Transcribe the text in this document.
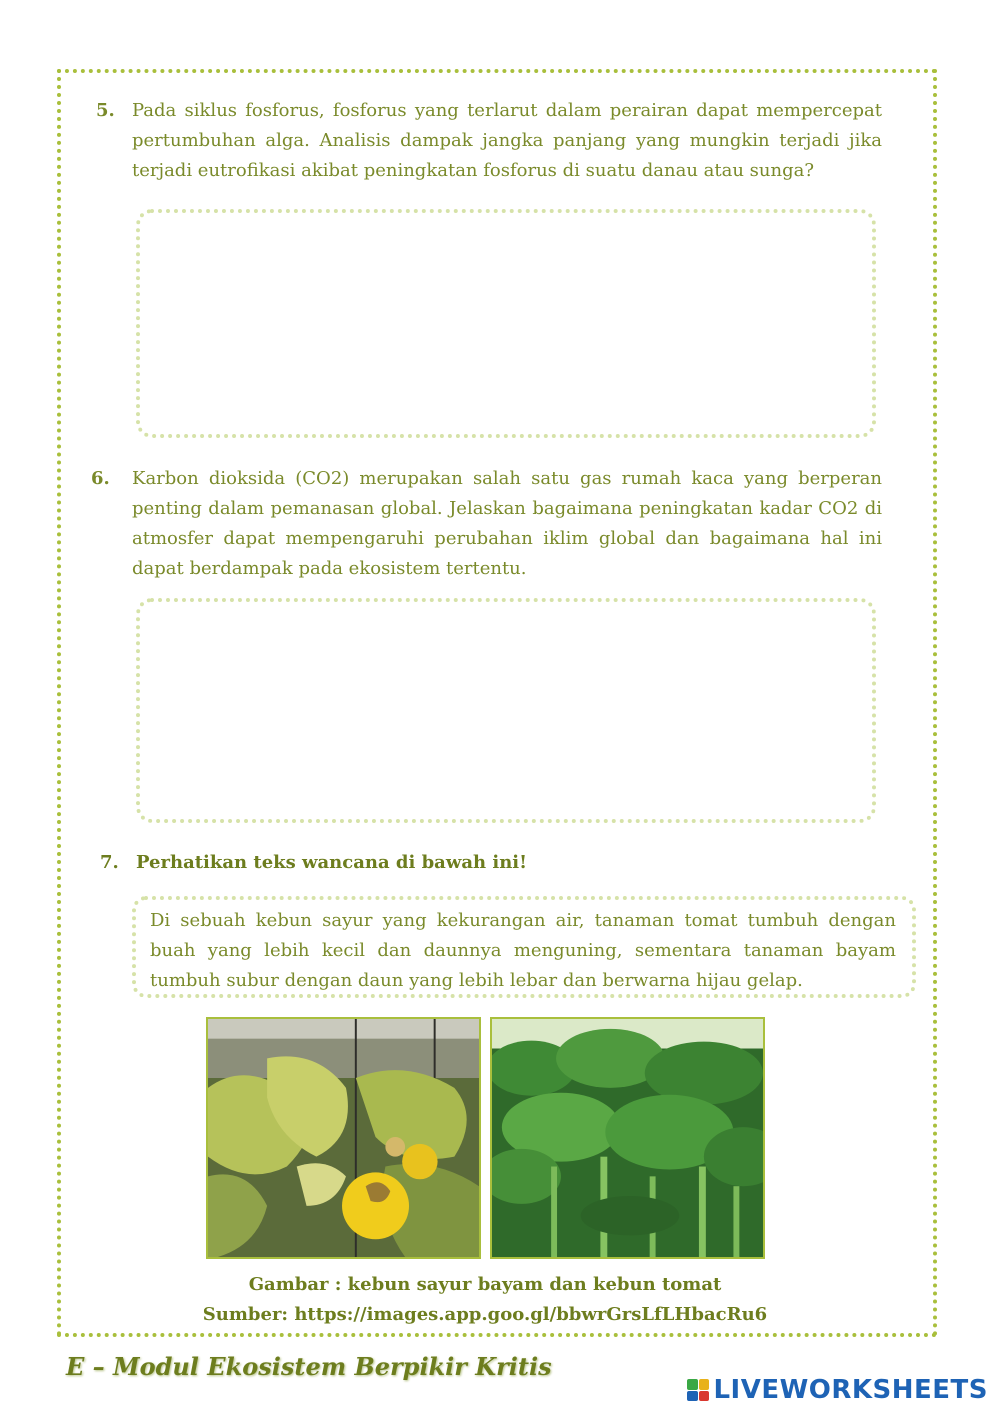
5. Pada siklus fosforus, fosforus yang terlarut dalam perairan dapat mempercepat pertumbuhan alga. Analisis dampak jangka panjang yang mungkin terjadi jika terjadi eutrofikasi akibat peningkatan fosforus di suatu danau atau sunga?
6. Karbon dioksida (CO2) merupakan salah satu gas rumah kaca yang berperan penting dalam pemanasan global. Jelaskan bagaimana peningkatan kadar CO2 di atmosfer dapat mempengaruhi perubahan iklim global dan bagaimana hal ini dapat berdampak pada ekosistem tertentu.
7. Perhatikan teks wancana di bawah ini!
Di sebuah kebun sayur yang kekurangan air, tanaman tomat tumbuh dengan buah yang lebih kecil dan daunnya menguning, sementara tanaman bayam tumbuh subur dengan daun yang lebih lebar dan berwarna hijau gelap.
Gambar : kebun sayur bayam dan kebun tomat
Sumber: https://images.app.goo.gl/bbwrGrsLfLHbacRu6
E – Modul Ekosistem Berpikir Kritis
LIVEWORKSHEETS
